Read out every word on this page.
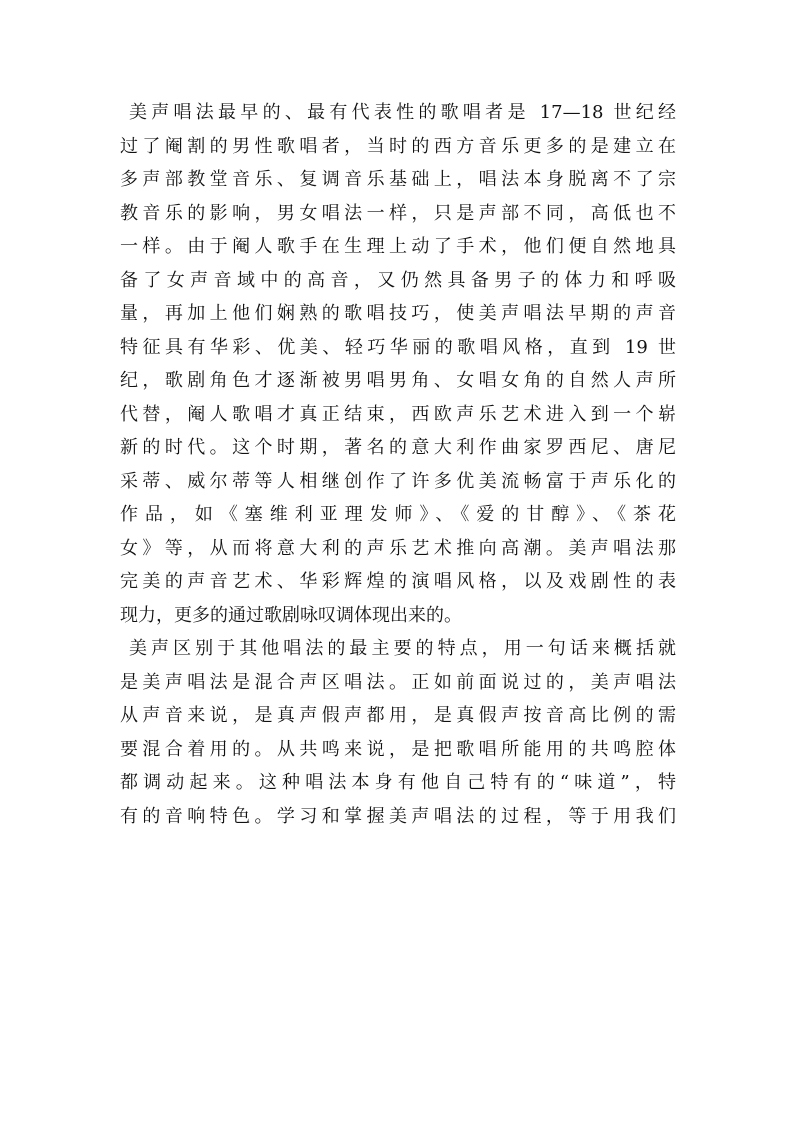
美声唱法最早的、最有代表性的歌唱者是 17—18 世纪经
过了阉割的男性歌唱者，当时的西方音乐更多的是建立在
多声部教堂音乐、复调音乐基础上，唱法本身脱离不了宗
教音乐的影响，男女唱法一样，只是声部不同，高低也不
一样。由于阉人歌手在生理上动了手术，他们便自然地具
备了女声音域中的高音，又仍然具备男子的体力和呼吸
量，再加上他们娴熟的歌唱技巧，使美声唱法早期的声音
特征具有华彩、优美、轻巧华丽的歌唱风格，直到 19 世
纪，歌剧角色才逐渐被男唱男角、女唱女角的自然人声所
代替，阉人歌唱才真正结束，西欧声乐艺术进入到一个崭
新的时代。这个时期，著名的意大利作曲家罗西尼、唐尼
采蒂、威尔蒂等人相继创作了许多优美流畅富于声乐化的
作品，如《塞维利亚理发师》、《爱的甘醇》、《茶花
女》等，从而将意大利的声乐艺术推向高潮。美声唱法那
完美的声音艺术、华彩辉煌的演唱风格，以及戏剧性的表
现力，更多的通过歌剧咏叹调体现出来的。
美声区别于其他唱法的最主要的特点，用一句话来概括就
是美声唱法是混合声区唱法。正如前面说过的，美声唱法
从声音来说，是真声假声都用，是真假声按音高比例的需
要混合着用的。从共鸣来说，是把歌唱所能用的共鸣腔体
都调动起来。这种唱法本身有他自己特有的“味道”，特
有的音响特色。学习和掌握美声唱法的过程，等于用我们
